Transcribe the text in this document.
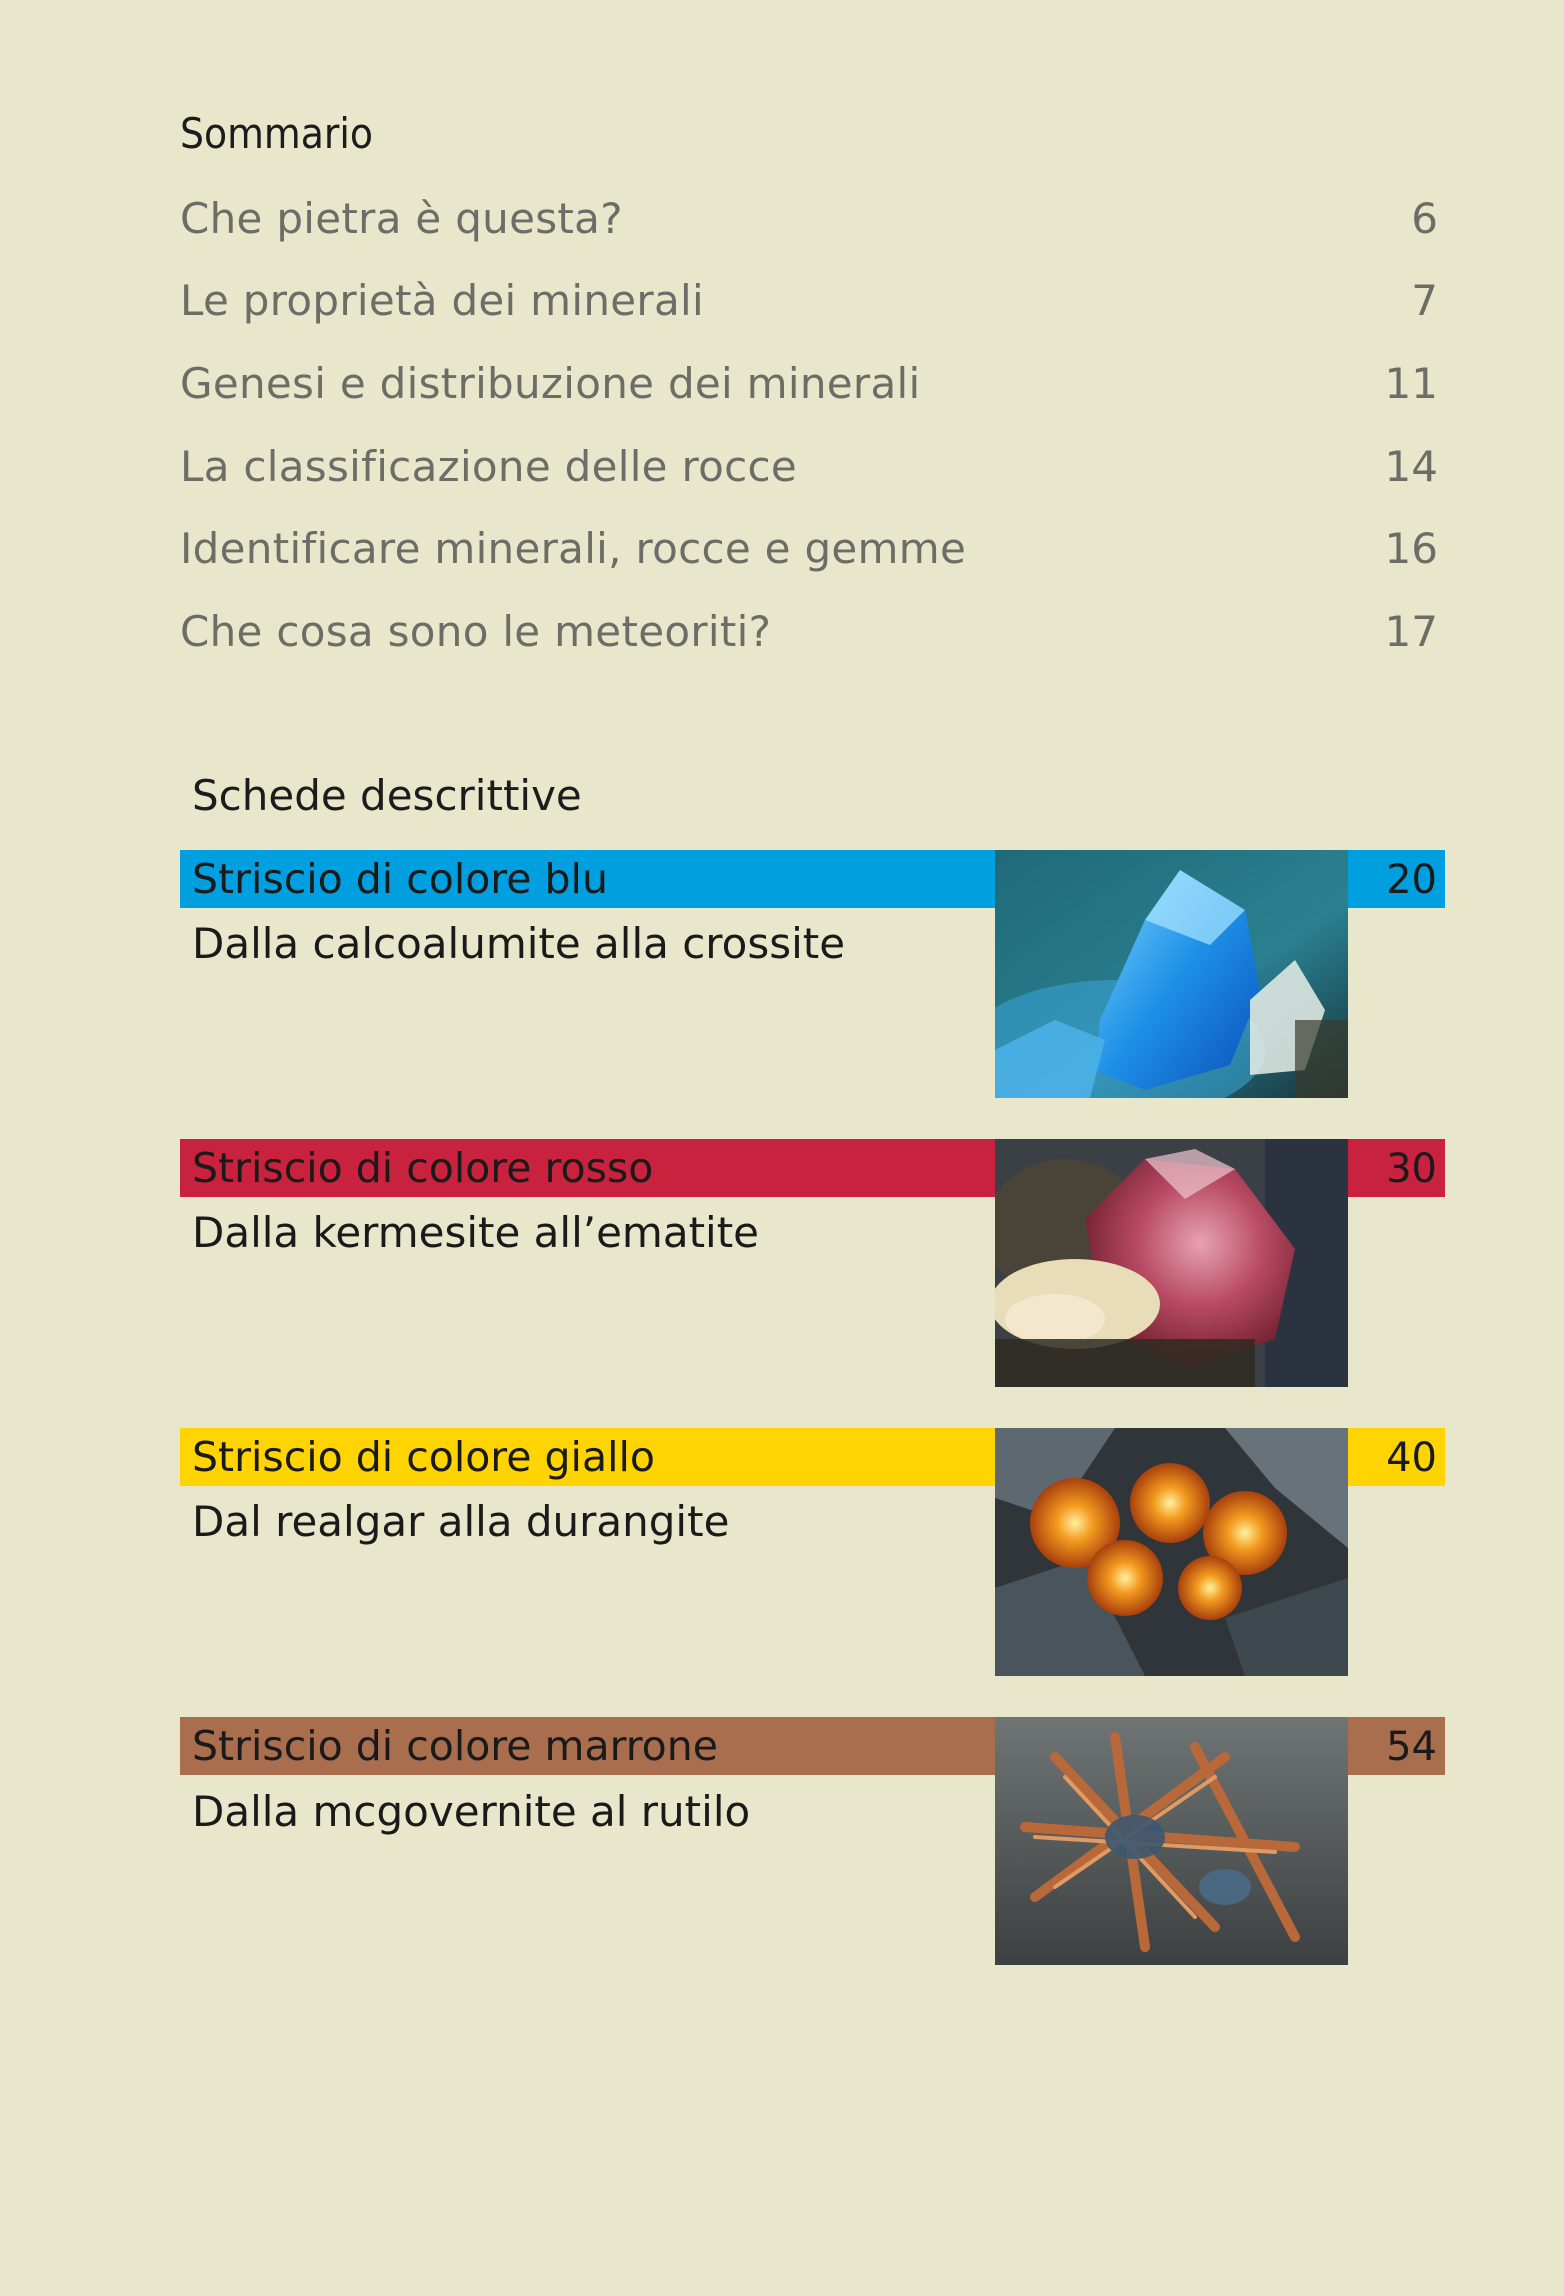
Sommario
Che pietra è questa?	6
Le proprietà dei minerali	7
Genesi e distribuzione dei minerali	11
La classificazione delle rocce	14
Identificare minerali, rocce e gemme	16
Che cosa sono le meteoriti?	17
Schede descrittive
Striscio di colore blu	20
Dalla calcoalumite alla crossite
Striscio di colore rosso	30
Dalla kermesite all’ematite
Striscio di colore giallo	40
Dal realgar alla durangite
Striscio di colore marrone	54
Dalla mcgovernite al rutilo
